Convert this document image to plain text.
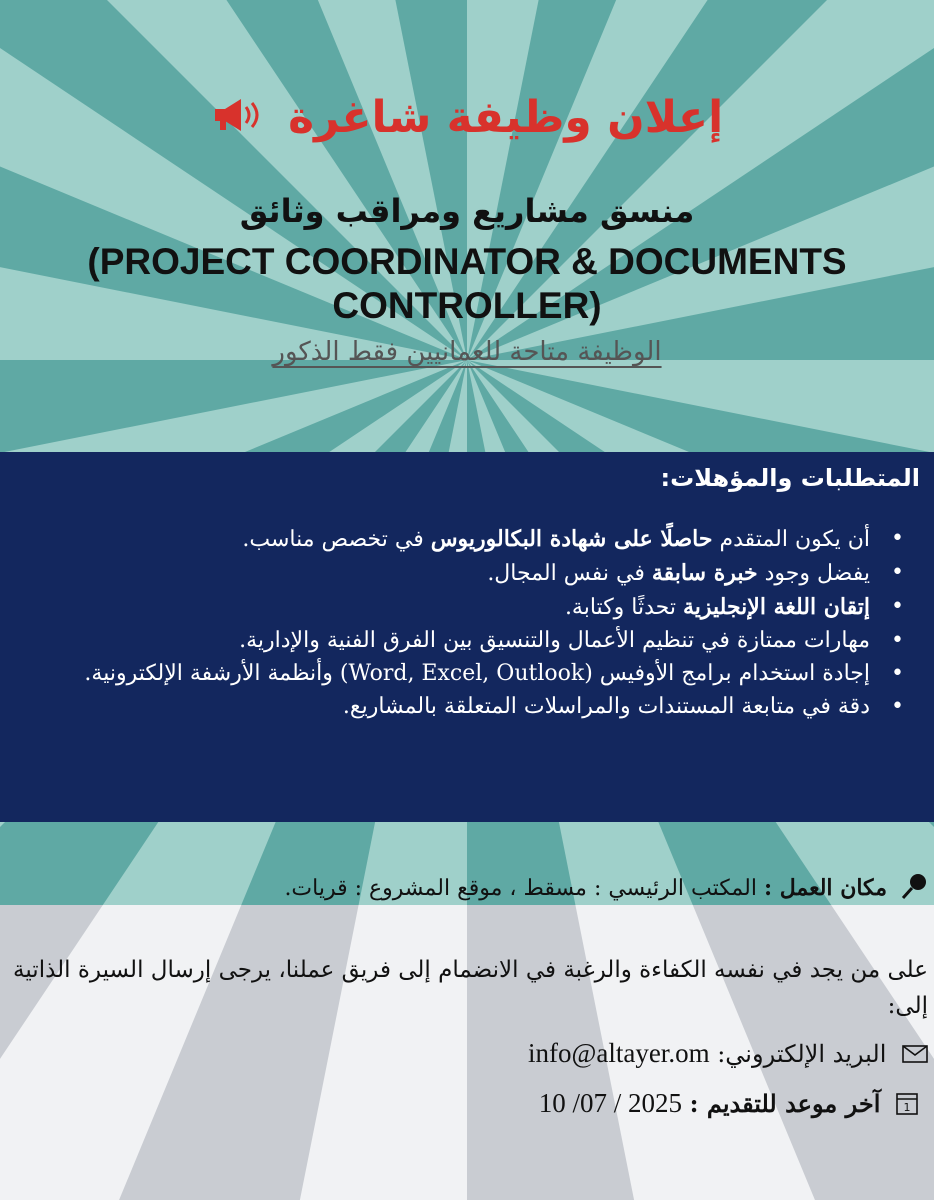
إعلان وظيفة شاغرة
منسق مشاريع ومراقب وثائق
(PROJECT COORDINATOR & DOCUMENTS CONTROLLER)
الوظيفة متاحة للعمانيين فقط الذكور
المتطلبات والمؤهلات:
• أن يكون المتقدم حاصلًا على شهادة البكالوريوس في تخصص مناسب.
• يفضل وجود خبرة سابقة في نفس المجال.
• إتقان اللغة الإنجليزية تحدثًا وكتابة.
• مهارات ممتازة في تنظيم الأعمال والتنسيق بين الفرق الفنية والإدارية.
• إجادة استخدام برامج الأوفيس (Word, Excel, Outlook) وأنظمة الأرشفة الإلكترونية.
• دقة في متابعة المستندات والمراسلات المتعلقة بالمشاريع.
مكان العمل : المكتب الرئيسي : مسقط ، موقع المشروع : قريات.
على من يجد في نفسه الكفاءة والرغبة في الانضمام إلى فريق عملنا، يرجى إرسال السيرة الذاتية إلى:
البريد الإلكتروني: info@altayer.om
1
آخر موعد للتقديم : 10 /07 / 2025
